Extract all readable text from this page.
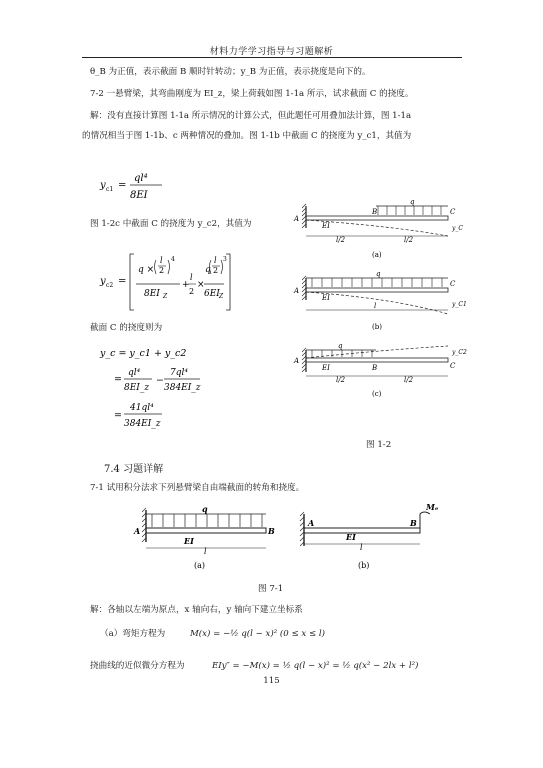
材料力学学习指导与习题解析
θ_B 为正值，表示截面 B 顺时针转动；y_B 为正值，表示挠度是向下的。
7-2 一悬臂梁，其弯曲刚度为 EI_z，梁上荷载如图 1-1a 所示，试求截面 C 的挠度。
解：没有直接计算图 1-1a 所示情况的计算公式，但此题任可用叠加法计算，图 1-1a
的情况相当于图 1-1b、c 两种情况的叠加。图 1-1b 中截面 C 的挠度为 y_c1，其值为
y c1 =
ql⁴
8EI
图 1-2c 中截面 C 的挠度为 y_c2，其值为
y c2 =
q ×
l
2
4
8EI Z
+
l
2
×
q
l
2
3
6EI Z
截面 C 的挠度则为
y_c = y_c1 + y_c2
=
ql⁴
8EI_z
−
7ql⁴
384EI_z
=
41ql⁴
384EI_z
A
B	C
q
EI
l/2	l/2
y_C
(a)
A
C
q
EI
l	y_C1
(b)
A
B	C
q
EI
l/2	l/2
y_C2
(c)
图 1-2
7.4 习题详解
7-1 试用积分法求下列悬臂梁自由端截面的转角和挠度。
A	B
q
EI
l
(a)
A	B
Mₑ
EI
l
(b)
图 7-1
解：各轴以左端为原点，x 轴向右，y 轴向下建立坐标系
（a）弯矩方程为	M(x) = −½ q(l − x)² (0 ≤ x ≤ l)
挠曲线的近似微分方程为	EIy″ = −M(x) = ½ q(l − x)² = ½ q(x² − 2lx + l²)
115
